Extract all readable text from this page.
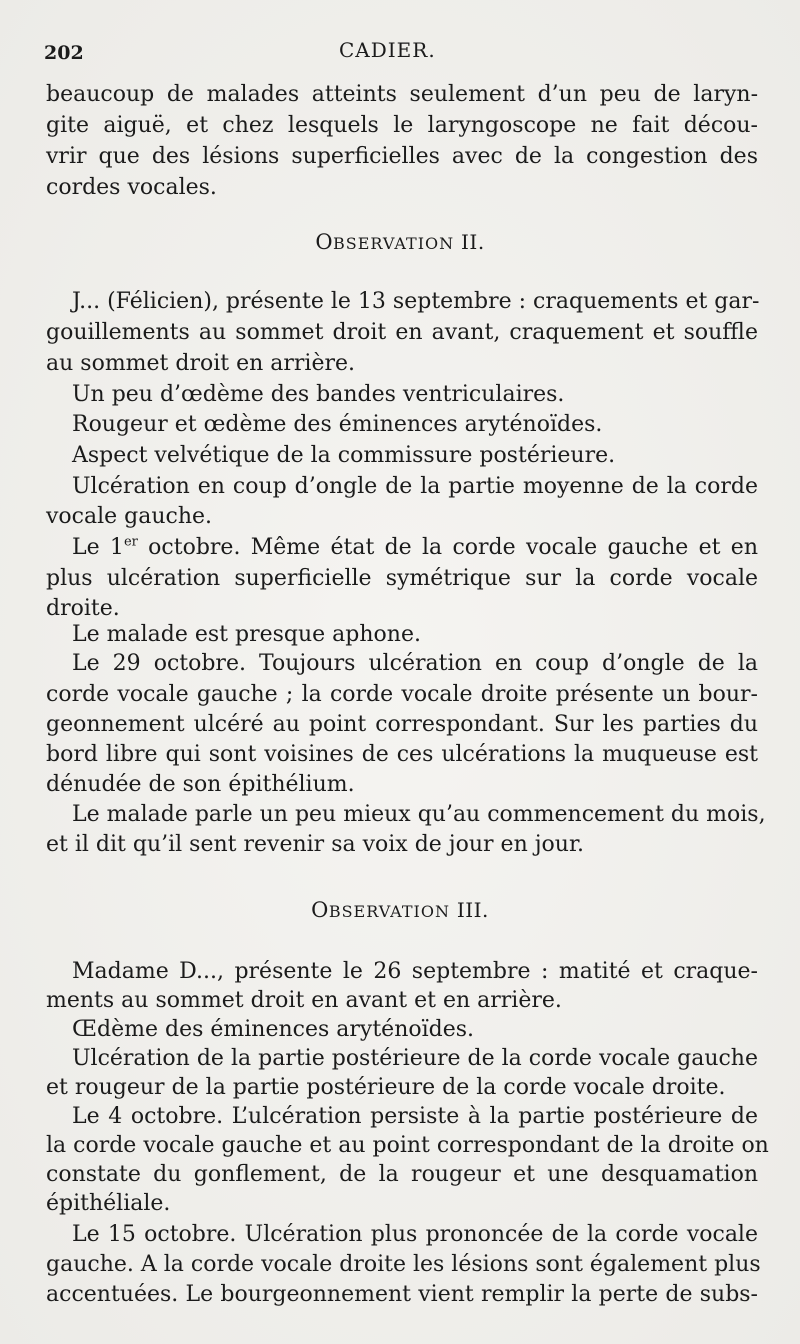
202	CADIER.
beaucoup de malades atteints seulement d’un peu de laryn-
gite aiguë, et chez lesquels le laryngoscope ne fait décou-
vrir que des lésions superficielles avec de la congestion des
cordes vocales.
OBSERVATION II.
J... (Félicien), présente le 13 septembre : craquements et gar-
gouillements au sommet droit en avant, craquement et souffle
au sommet droit en arrière.
Un peu d’œdème des bandes ventriculaires.
Rougeur et œdème des éminences aryténoïdes.
Aspect velvétique de la commissure postérieure.
Ulcération en coup d’ongle de la partie moyenne de la corde
vocale gauche.
Le 1er octobre. Même état de la corde vocale gauche et en
plus ulcération superficielle symétrique sur la corde vocale
droite.
Le malade est presque aphone.
Le 29 octobre. Toujours ulcération en coup d’ongle de la
corde vocale gauche ; la corde vocale droite présente un bour-
geonnement ulcéré au point correspondant. Sur les parties du
bord libre qui sont voisines de ces ulcérations la muqueuse est
dénudée de son épithélium.
Le malade parle un peu mieux qu’au commencement du mois,
et il dit qu’il sent revenir sa voix de jour en jour.
OBSERVATION III.
Madame D..., présente le 26 septembre : matité et craque-
ments au sommet droit en avant et en arrière.
Œdème des éminences aryténoïdes.
Ulcération de la partie postérieure de la corde vocale gauche
et rougeur de la partie postérieure de la corde vocale droite.
Le 4 octobre. L’ulcération persiste à la partie postérieure de
la corde vocale gauche et au point correspondant de la droite on
constate du gonflement, de la rougeur et une desquamation
épithéliale.
Le 15 octobre. Ulcération plus prononcée de la corde vocale
gauche. A la corde vocale droite les lésions sont également plus
accentuées. Le bourgeonnement vient remplir la perte de subs-
